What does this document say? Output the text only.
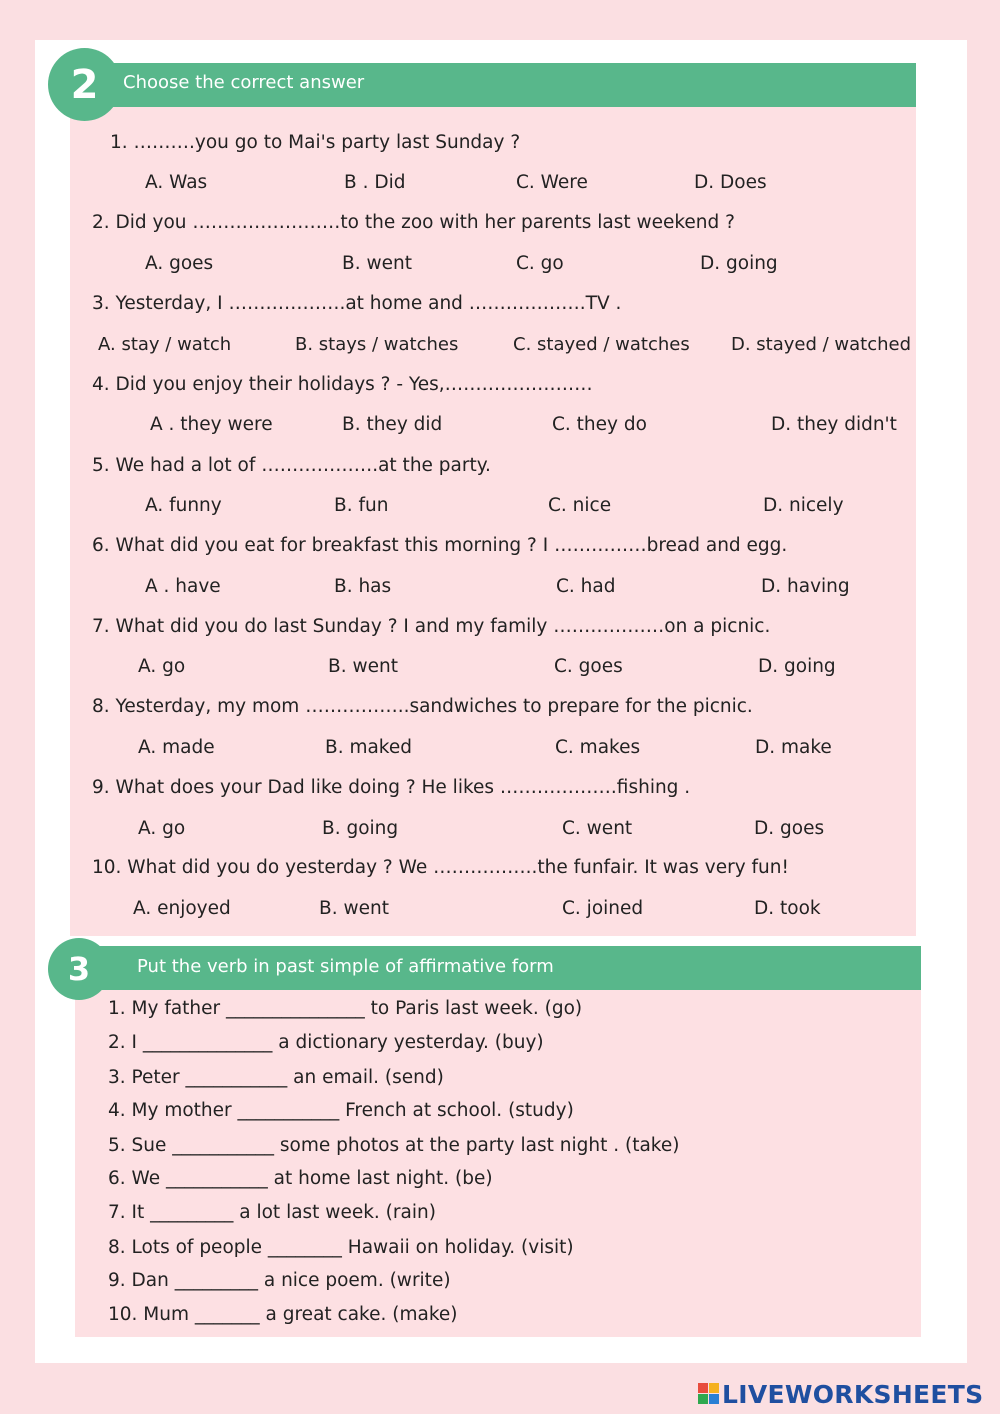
2	Choose the correct answer
1. ……….you go to Mai's party last Sunday ?
A. Was	B . Did	C. Were	D. Does
2. Did you ……………………to the zoo with her parents last weekend ?
A. goes	B. went	C. go	D. going
3. Yesterday, I ……………….at home and ……………….TV .
A. stay / watch	B. stays / watches	C. stayed / watches D. stayed / watched
4. Did you enjoy their holidays ? - Yes,……………………
A . they were	B. they did	C. they do	D. they didn't
5. We had a lot of ……………….at the party.
A. funny	B. fun	C. nice	D. nicely
6. What did you eat for breakfast this morning ? I ……………bread and egg.
A . have	B. has	C. had	D. having
7. What did you do last Sunday ? I and my family ………………on a picnic.
A. go	B. went	C. goes	D. going
8. Yesterday, my mom ……………..sandwiches to prepare for the picnic.
A. made	B. maked	C. makes	D. make
9. What does your Dad like doing ? He likes ……………….fishing .
A. go	B. going	C. went	D. goes
10. What did you do yesterday ? We ……………..the funfair. It was very fun!
A. enjoyed	B. went	C. joined	D. took
3	Put the verb in past simple of affirmative form
1. My father _______________ to Paris last week. (go)
2. I ______________ a dictionary yesterday. (buy)
3. Peter ___________ an email. (send)
4. My mother ___________ French at school. (study)
5. Sue ___________ some photos at the party last night . (take)
6. We ___________ at home last night. (be)
7. It _________ a lot last week. (rain)
8. Lots of people ________ Hawaii on holiday. (visit)
9. Dan _________ a nice poem. (write)
10. Mum _______ a great cake. (make)
LIVEWORKSHEETS
